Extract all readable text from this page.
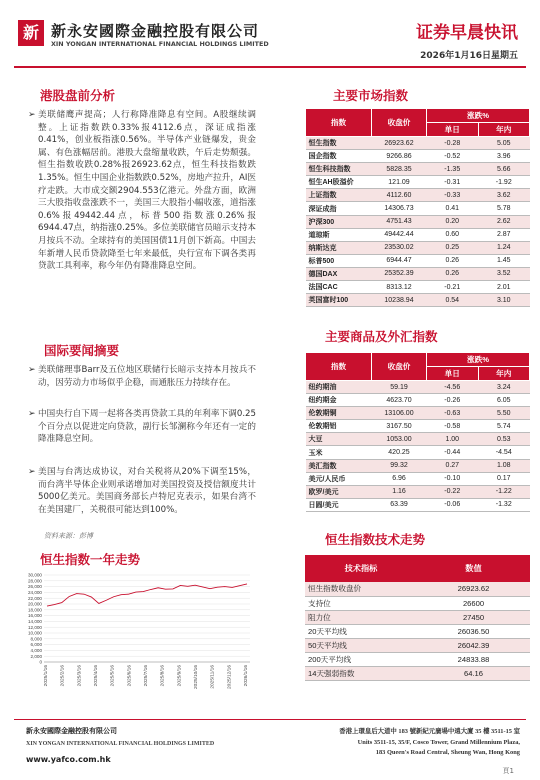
新 新永安國際金融控股有限公司
XIN YONGAN INTERNATIONAL FINANCIAL HOLDINGS LIMITED
证券早晨快讯
2026年1月16日星期五
港股盘前分析
➢ 美联储鹰声提高；人行称降准降息有空间。A股继续调整。上证指数跌0.33%报4112.6点，深证成指涨0.41%，创业板指涨0.56%。半导体产业链爆发，贵金属、有色涨幅居前。港股大盘缩量收跌，午后走势颓强。恒生指数收跌0.28%报26923.62点，恒生科技指数跌1.35%。恒生中国企业指数跌0.52%，房地产拉升，AI医疗走跌。大市成交额2904.553亿港元。外盘方面，欧洲三大股指收盘涨跌不一，美国三大股指小幅收涨，道指涨0.6%报49442.44点，标普500指数涨0.26%报6944.47点，纳指涨0.25%。多位美联储官员暗示支持本月按兵不动。全球持有的美国国债11月创下新高。中国去年新增人民币贷款降至七年来最低，央行宣布下调各类再贷款工具利率，称今年仍有降准降息空间。
国际要闻摘要
➢ 美联储理事Barr及五位地区联储行长暗示支持本月按兵不动，因劳动力市场似乎企稳，而通胀压力持续存在。
➢ 中国央行自下周一起将各类再贷款工具的年利率下调0.25个百分点以促进定向贷款，副行长邹澜称今年还有一定的降准降息空间。
➢ 美国与台湾达成协议，对台关税将从20%下调至15%，而台湾半导体企业则承诺增加对美国投资及授信额度共计5000亿美元。美国商务部长卢特尼克表示，如果台湾不在美国建厂，关税很可能达到100%。
资料来源：彭博
恒生指数一年走势
0
2,000
4,000
6,000
8,000
10,000
12,000
14,000
16,000
18,000
20,000
22,000
24,000
26,000
28,000
30,000
2025/1/16 2025/2/16 2025/3/16 2025/4/16 2025/5/16 2025/6/16 2025/7/16 2025/8/16 2025/9/16 2025/10/16 2025/11/16 2025/12/16 2026/1/16
主要市场指数
指数	收盘价	涨跌%	
		单日	年内
恒生指数	26923.62	-0.28	5.05
国企指数	9266.86	-0.52	3.96
恒生科技指数	5828.35	-1.35	5.66
恒生AH股溢价	121.09	-0.31	-1.92
上证指数	4112.60	-0.33	3.62
深证成指	14306.73	0.41	5.78
沪深300	4751.43	0.20	2.62
道琼斯	49442.44	0.60	2.87
纳斯达克	23530.02	0.25	1.24
标普500	6944.47	0.26	1.45
德国DAX	25352.39	0.26	3.52
法国CAC	8313.12	-0.21	2.01
英国富时100	10238.94	0.54	3.10
主要商品及外汇指数
指数	收盘价	涨跌%	
		单日	年内
纽约期油	59.19	-4.56	3.24
纽约期金	4623.70	-0.26	6.05
伦敦期铜	13106.00	-0.63	5.50
伦敦期铝	3167.50	-0.58	5.74
大豆	1053.00	1.00	0.53
玉米	420.25	-0.44	-4.54
美汇指数	99.32	0.27	1.08
美元/人民币	6.96	-0.10	0.17
欧罗/美元	1.16	-0.22	-1.22
日圆/美元	63.39	-0.06	-1.32
恒生指数技术走势
技术指标	数值
恒生指数收盘价	26923.62
支持位	26600
阻力位	27450
20天平均线	26036.50
50天平均线	26042.39
200天平均线	24833.88
14天强弱指数	64.16
新永安國際金融控股有限公司
XIN YONGAN INTERNATIONAL FINANCIAL HOLDINGS LIMITED
www.yafco.com.hk
香港上環皇后大道中 183 號新紀元廣場中遠大廈 35 樓 3511-15 室
Units 3511-15, 35/F, Cosco Tower, Grand Millennium Plaza,
183 Queen's Road Central, Sheung Wan, Hong Kong
頁1
